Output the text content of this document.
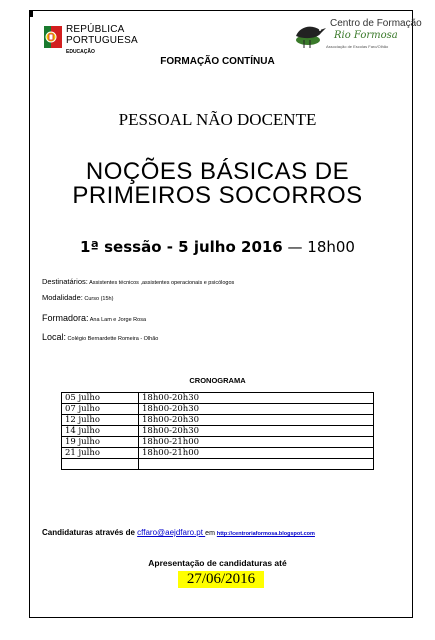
REPÚBLICA
PORTUGUESA
EDUCAÇÃO
Centro de Formação
Rio Formosa
Associação de Escolas Faro/Olhão
FORMAÇÃO CONTÍNUA
PESSOAL NÃO DOCENTE
NOÇÕES BÁSICAS DE
PRIMEIROS SOCORROS
1ª sessão - 5 julho 2016 — 18h00
Destinatários: Assistentes técnicos ,assistentes operacionais e psicólogos
Modalidade: Curso (15h)
Formadora: Ana Lam e Jorge Rosa
Local: Colégio Bernardette Romeira - Olhão
CRONOGRAMA
05 julho	18h00-20h30
07 julho	18h00-20h30
12 julho	18h00-20h30
14 julho	18h00-20h30
19 julho	18h00-21h00
21 julho	18h00-21h00

Candidaturas através de cffaro@aejdfaro.pt em http://centroriaformosa.blogspot.com
Apresentação de candidaturas até
27/06/2016
